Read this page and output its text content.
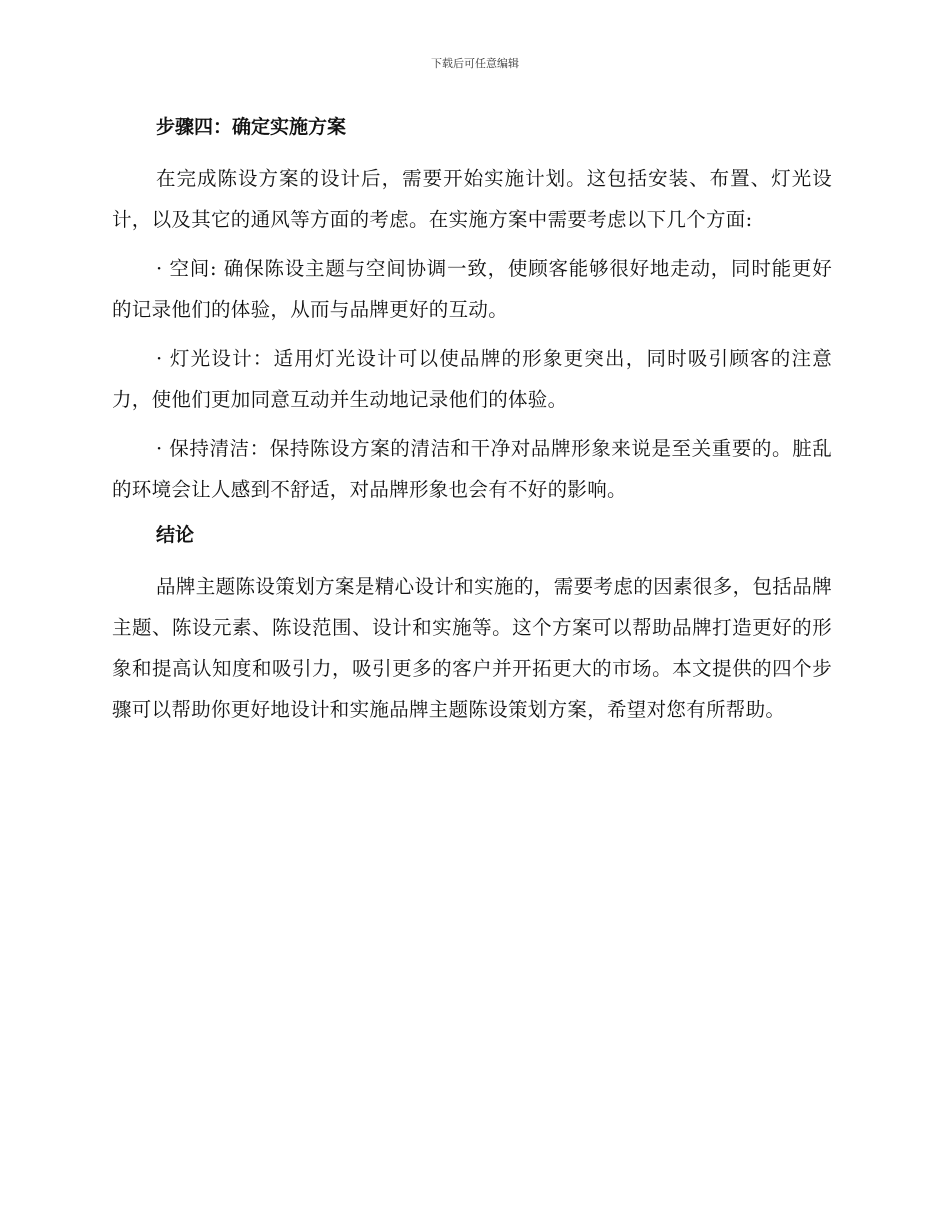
下载后可任意编辑
步骤四：确定实施方案

在完成陈设方案的设计后，需要开始实施计划。这包括安装、布置、灯光设计，以及其它的通风等方面的考虑。在实施方案中需要考虑以下几个方面:

· 空间: 确保陈设主题与空间协调一致，使顾客能够很好地走动，同时能更好的记录他们的体验，从而与品牌更好的互动。

· 灯光设计：适用灯光设计可以使品牌的形象更突出，同时吸引顾客的注意力，使他们更加同意互动并生动地记录他们的体验。

· 保持清洁：保持陈设方案的清洁和干净对品牌形象来说是至关重要的。脏乱的环境会让人感到不舒适，对品牌形象也会有不好的影响。

结论

品牌主题陈设策划方案是精心设计和实施的，需要考虑的因素很多，包括品牌主题、陈设元素、陈设范围、设计和实施等。这个方案可以帮助品牌打造更好的形象和提高认知度和吸引力，吸引更多的客户并开拓更大的市场。本文提供的四个步骤可以帮助你更好地设计和实施品牌主题陈设策划方案，希望对您有所帮助。
